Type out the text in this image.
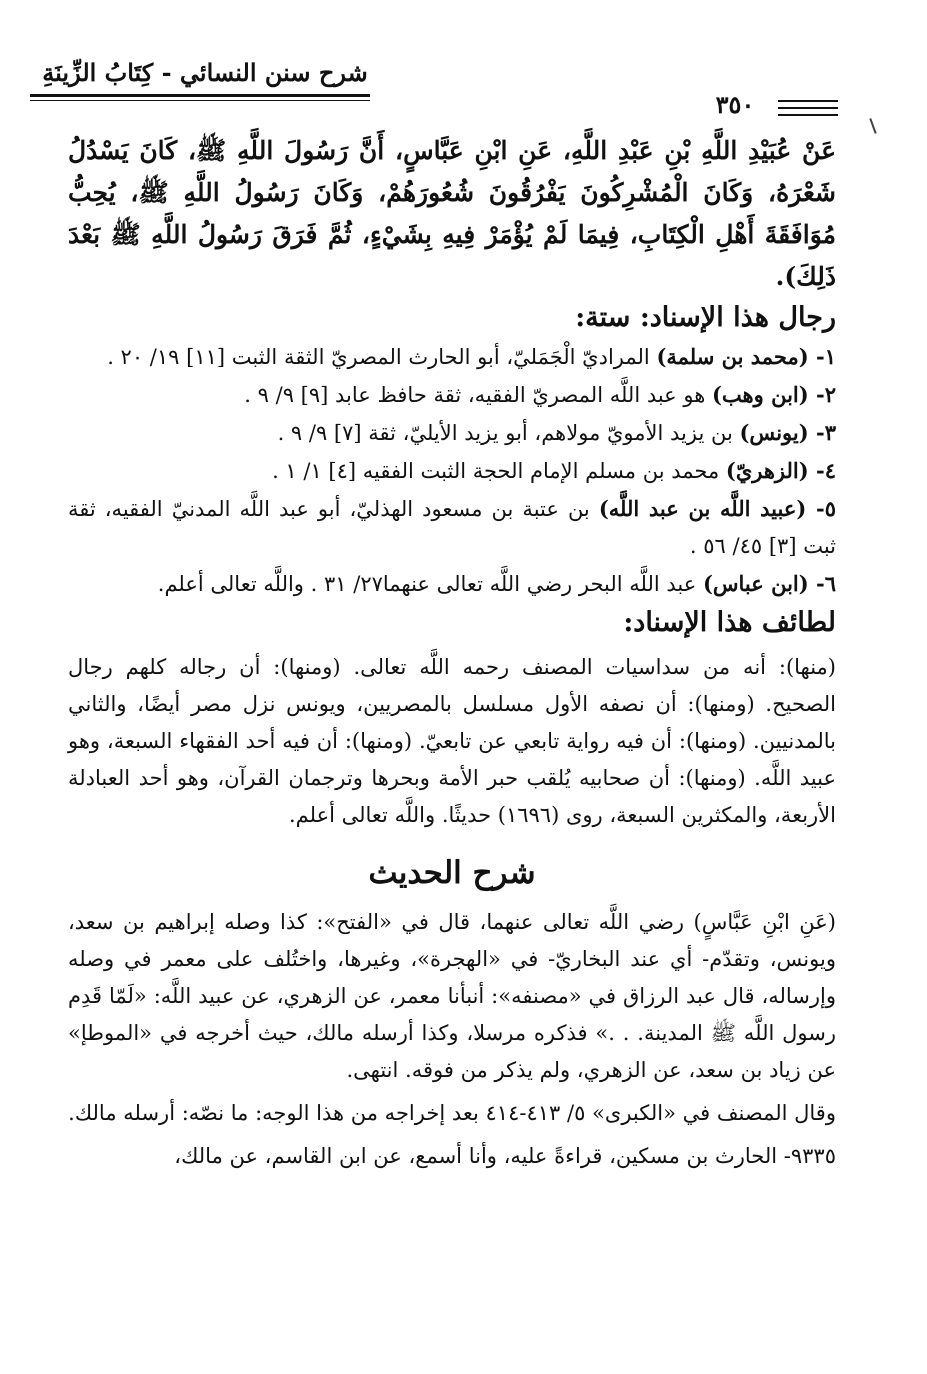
شرح سنن النسائي - كِتَابُ الزِّينَةِ
٣٥٠

عَنْ عُبَيْدِ اللَّهِ بْنِ عَبْدِ اللَّهِ، عَنِ ابْنِ عَبَّاسٍ، أَنَّ رَسُولَ اللَّهِ ﷺ، كَانَ يَسْدُلُ شَعْرَهُ، وَكَانَ الْمُشْرِكُونَ يَفْرُقُونَ شُعُورَهُمْ، وَكَانَ رَسُولُ اللَّهِ ﷺ، يُحِبُّ مُوَافَقَةَ أَهْلِ الْكِتَابِ، فِيمَا لَمْ يُؤْمَرْ فِيهِ بِشَيْءٍ، ثُمَّ فَرَقَ رَسُولُ اللَّهِ ﷺ بَعْدَ ذَلِكَ).

رجال هذا الإسناد: ستة:

١- (محمد بن سلمة) المراديّ الْجَمَليّ، أبو الحارث المصريّ الثقة الثبت [١١] ١٩/ ٢٠ .

٢- (ابن وهب) هو عبد اللَّه المصريّ الفقيه، ثقة حافظ عابد [٩] ٩/ ٩ .

٣- (يونس) بن يزيد الأمويّ مولاهم، أبو يزيد الأيليّ، ثقة [٧] ٩/ ٩ .

٤- (الزهريّ) محمد بن مسلم الإمام الحجة الثبت الفقيه [٤] ١/ ١ .

٥- (عبيد اللَّه بن عبد اللَّه) بن عتبة بن مسعود الهذليّ، أبو عبد اللَّه المدنيّ الفقيه، ثقة ثبت [٣] ٤٥/ ٥٦ .

٦- (ابن عباس) عبد اللَّه البحر رضي اللَّه تعالى عنهما٢٧/ ٣١ . واللَّه تعالى أعلم.

لطائف هذا الإسناد:

(منها): أنه من سداسيات المصنف رحمه اللَّه تعالى. (ومنها): أن رجاله كلهم رجال الصحيح. (ومنها): أن نصفه الأول مسلسل بالمصريين، ويونس نزل مصر أيضًا، والثاني بالمدنيين. (ومنها): أن فيه رواية تابعي عن تابعيّ. (ومنها): أن فيه أحد الفقهاء السبعة، وهو عبيد اللَّه. (ومنها): أن صحابيه يُلقب حبر الأمة وبحرها وترجمان القرآن، وهو أحد العبادلة الأربعة، والمكثرين السبعة، روى (١٦٩٦) حديثًا. واللَّه تعالى أعلم.

شرح الحديث

(عَنِ ابْنِ عَبَّاسٍ) رضي اللَّه تعالى عنهما، قال في «الفتح»: كذا وصله إبراهيم بن سعد، ويونس، وتقدّم- أي عند البخاريّ- في «الهجرة»، وغيرها، واختُلف على معمر في وصله وإرساله، قال عبد الرزاق في «مصنفه»: أنبأنا معمر، عن الزهري، عن عبيد اللَّه: «لَمّا قَدِم رسول اللَّه ﷺ المدينة. . .» فذكره مرسلا، وكذا أرسله مالك، حيث أخرجه في «الموطإ» عن زياد بن سعد، عن الزهري، ولم يذكر من فوقه. انتهى.

وقال المصنف في «الكبرى» ٥/ ٤١٣-٤١٤ بعد إخراجه من هذا الوجه: ما نصّه: أرسله مالك.

٩٣٣٥- الحارث بن مسكين، قراءةً عليه، وأنا أسمع، عن ابن القاسم، عن مالك،
